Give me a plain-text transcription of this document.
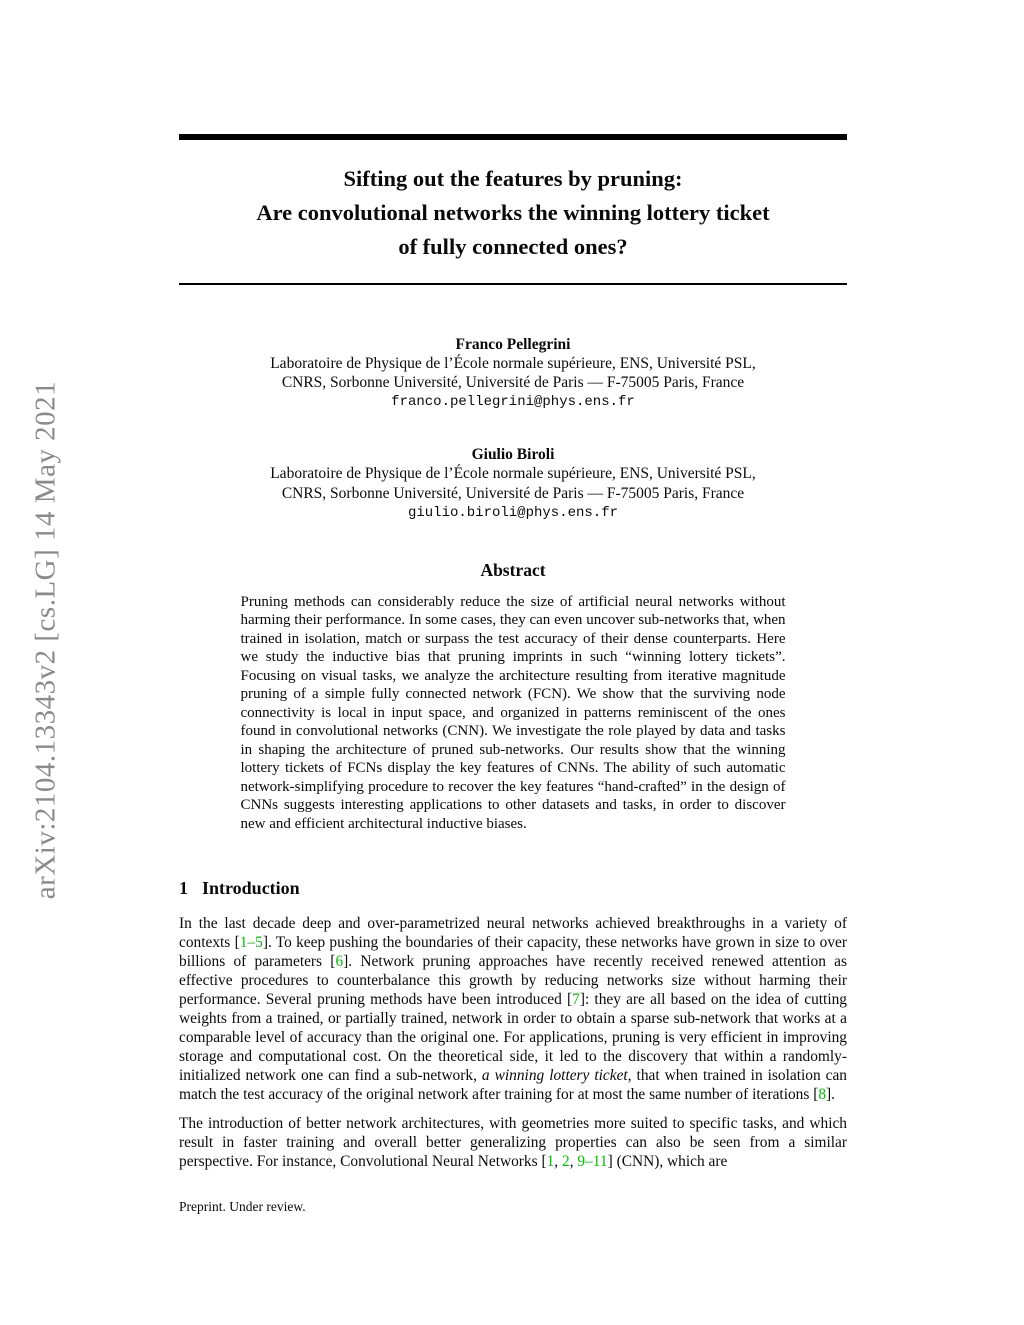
arXiv:2104.13343v2 [cs.LG] 14 May 2021
Sifting out the features by pruning:
Are convolutional networks the winning lottery ticket
of fully connected ones?
Franco Pellegrini
Laboratoire de Physique de l’École normale supérieure, ENS, Université PSL,
CNRS, Sorbonne Université, Université de Paris — F-75005 Paris, France
franco.pellegrini@phys.ens.fr
Giulio Biroli
Laboratoire de Physique de l’École normale supérieure, ENS, Université PSL,
CNRS, Sorbonne Université, Université de Paris — F-75005 Paris, France
giulio.biroli@phys.ens.fr
Abstract
Pruning methods can considerably reduce the size of artificial neural networks without harming their performance. In some cases, they can even uncover sub-networks that, when trained in isolation, match or surpass the test accuracy of their dense counterparts. Here we study the inductive bias that pruning imprints in such “winning lottery tickets”. Focusing on visual tasks, we analyze the architecture resulting from iterative magnitude pruning of a simple fully connected network (FCN). We show that the surviving node connectivity is local in input space, and organized in patterns reminiscent of the ones found in convolutional networks (CNN). We investigate the role played by data and tasks in shaping the architecture of pruned sub-networks. Our results show that the winning lottery tickets of FCNs display the key features of CNNs. The ability of such automatic network-simplifying procedure to recover the key features “hand-crafted” in the design of CNNs suggests interesting applications to other datasets and tasks, in order to discover new and efficient architectural inductive biases.
1 Introduction

In the last decade deep and over-parametrized neural networks achieved breakthroughs in a variety of contexts [1–5]. To keep pushing the boundaries of their capacity, these networks have grown in size to over billions of parameters [6]. Network pruning approaches have recently received renewed attention as effective procedures to counterbalance this growth by reducing networks size without harming their performance. Several pruning methods have been introduced [7]: they are all based on the idea of cutting weights from a trained, or partially trained, network in order to obtain a sparse sub-network that works at a comparable level of accuracy than the original one. For applications, pruning is very efficient in improving storage and computational cost. On the theoretical side, it led to the discovery that within a randomly-initialized network one can find a sub-network, a winning lottery ticket, that when trained in isolation can match the test accuracy of the original network after training for at most the same number of iterations [8].

The introduction of better network architectures, with geometries more suited to specific tasks, and which result in faster training and overall better generalizing properties can also be seen from a similar perspective. For instance, Convolutional Neural Networks [1, 2, 9–11] (CNN), which are

Preprint. Under review.
